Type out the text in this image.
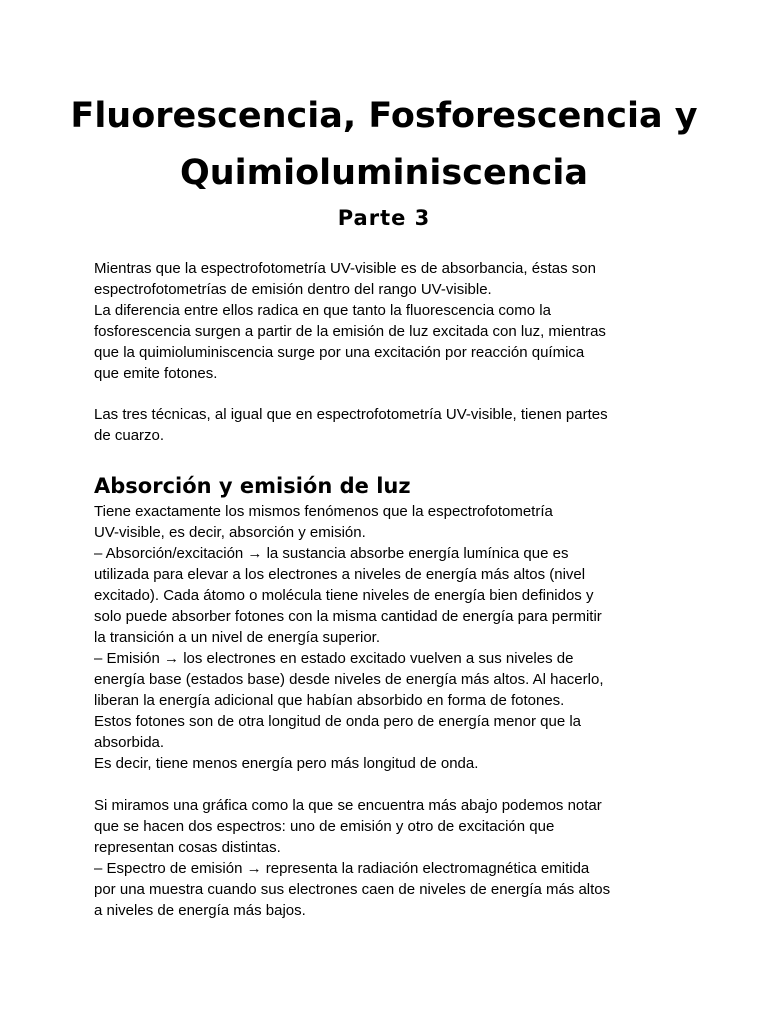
Fluorescencia, Fosforescencia y
Quimioluminiscencia
Parte 3
Mientras que la espectrofotometría UV-visible es de absorbancia, éstas son
espectrofotometrías de emisión dentro del rango UV-visible.
La diferencia entre ellos radica en que tanto la fluorescencia como la
fosforescencia surgen a partir de la emisión de luz excitada con luz, mientras
que la quimioluminiscencia surge por una excitación por reacción química
que emite fotones.
Las tres técnicas, al igual que en espectrofotometría UV-visible, tienen partes
de cuarzo.
Absorción y emisión de luz
Tiene exactamente los mismos fenómenos que la espectrofotometría
UV-visible, es decir, absorción y emisión.
– Absorción/excitación → la sustancia absorbe energía lumínica que es
utilizada para elevar a los electrones a niveles de energía más altos (nivel
excitado). Cada átomo o molécula tiene niveles de energía bien definidos y
solo puede absorber fotones con la misma cantidad de energía para permitir
la transición a un nivel de energía superior.
– Emisión → los electrones en estado excitado vuelven a sus niveles de
energía base (estados base) desde niveles de energía más altos. Al hacerlo,
liberan la energía adicional que habían absorbido en forma de fotones.
Estos fotones son de otra longitud de onda pero de energía menor que la
absorbida.
Es decir, tiene menos energía pero más longitud de onda.
Si miramos una gráfica como la que se encuentra más abajo podemos notar
que se hacen dos espectros: uno de emisión y otro de excitación que
representan cosas distintas.
– Espectro de emisión → representa la radiación electromagnética emitida
por una muestra cuando sus electrones caen de niveles de energía más altos
a niveles de energía más bajos.
